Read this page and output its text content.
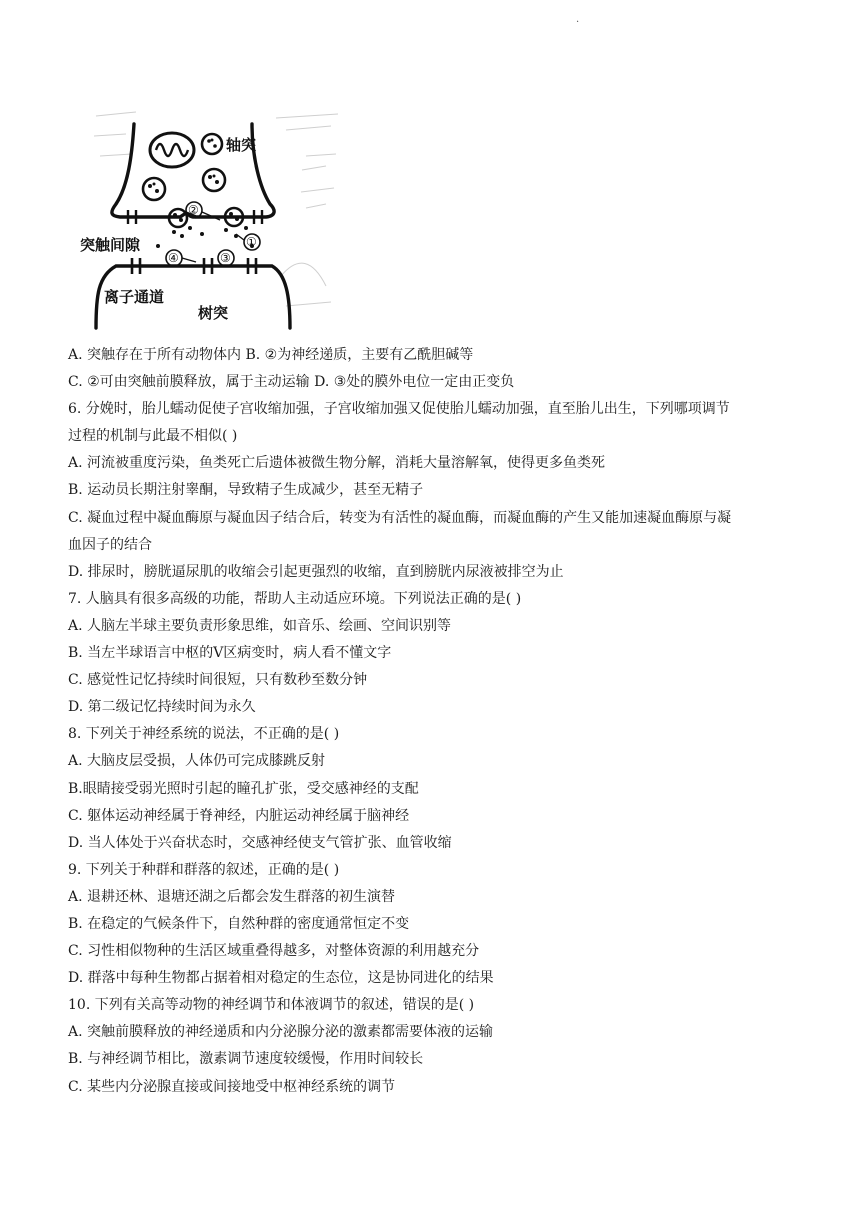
.
②
①
④	③
轴突
突触间隙
离子通道
树突

A. 突触存在于所有动物体内 B. ②为神经递质，主要有乙酰胆碱等

C. ②可由突触前膜释放，属于主动运输 D. ③处的膜外电位一定由正变负

6. 分娩时，胎儿蠕动促使子宫收缩加强，子宫收缩加强又促使胎儿蠕动加强，直至胎儿出生，下列哪项调节

过程的机制与此最不相似( )

A. 河流被重度污染，鱼类死亡后遗体被微生物分解，消耗大量溶解氧，使得更多鱼类死

B. 运动员长期注射睾酮，导致精子生成减少，甚至无精子

C. 凝血过程中凝血酶原与凝血因子结合后，转变为有活性的凝血酶，而凝血酶的产生又能加速凝血酶原与凝

血因子的结合

D. 排尿时，膀胱逼尿肌的收缩会引起更强烈的收缩，直到膀胱内尿液被排空为止

7. 人脑具有很多高级的功能，帮助人主动适应环境。下列说法正确的是( )

A. 人脑左半球主要负责形象思维，如音乐、绘画、空间识别等

B. 当左半球语言中枢的V区病变时，病人看不懂文字

C. 感觉性记忆持续时间很短，只有数秒至数分钟

D. 第二级记忆持续时间为永久

8. 下列关于神经系统的说法，不正确的是( )

A. 大脑皮层受损，人体仍可完成膝跳反射

B.眼睛接受弱光照时引起的瞳孔扩张，受交感神经的支配

C. 躯体运动神经属于脊神经，内脏运动神经属于脑神经

D. 当人体处于兴奋状态时，交感神经使支气管扩张、血管收缩

9. 下列关于种群和群落的叙述，正确的是( )

A. 退耕还林、退塘还湖之后都会发生群落的初生演替

B. 在稳定的气候条件下，自然种群的密度通常恒定不变

C. 习性相似物种的生活区域重叠得越多，对整体资源的利用越充分

D. 群落中每种生物都占据着相对稳定的生态位，这是协同进化的结果

10. 下列有关高等动物的神经调节和体液调节的叙述，错误的是( )

A. 突触前膜释放的神经递质和内分泌腺分泌的激素都需要体液的运输

B. 与神经调节相比，激素调节速度较缓慢，作用时间较长

C. 某些内分泌腺直接或间接地受中枢神经系统的调节
